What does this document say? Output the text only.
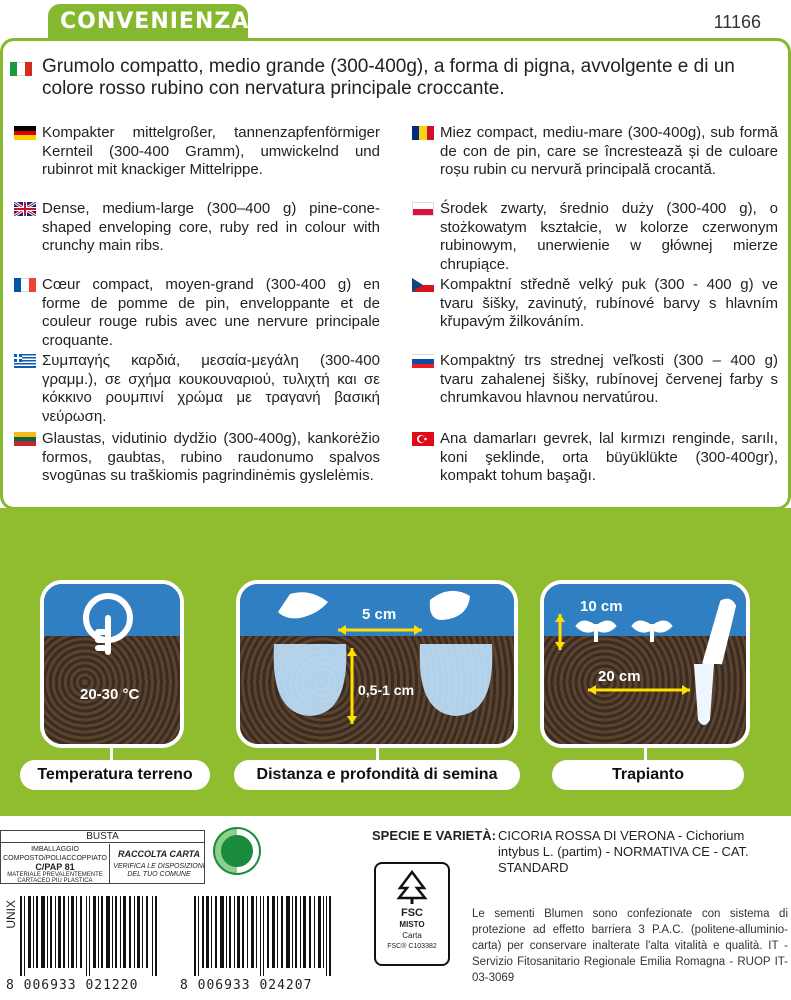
CONVENIENZA	11166
Grumolo compatto, medio grande (300-400g), a forma di pigna, avvolgente e di un colore rosso rubino con nervatura principale croccante.
Kompakter mittelgroßer, tannenzapfenförmiger Kernteil (300-400 Gramm), umwickelnd und rubinrot mit knackiger Mittelrippe.
Dense, medium-large (300–400 g) pine-cone-shaped enveloping core, ruby red in colour with crunchy main ribs.
Cœur compact, moyen-grand (300-400 g) en forme de pomme de pin, enveloppante et de couleur rouge rubis avec une nervure principale croquante.
Συμπαγής καρδιά, μεσαία-μεγάλη (300-400 γραμμ.), σε σχήμα κουκουναριού, τυλιχτή και σε κόκκινο ρουμπινί χρώμα με τραγανή βασική νεύρωση.
Glaustas, vidutinio dydžio (300-400g), kankorėžio formos, gaubtas, rubino raudonumo spalvos svogūnas su traškiomis pagrindinėmis gyslelėmis.
Miez compact, mediu-mare (300-400g), sub formă de con de pin, care se încrestează și de culoare roșu rubin cu nervură principală crocantă.
Środek zwarty, średnio duży (300-400 g), o stożkowatym kształcie, w kolorze czerwonym rubinowym, unerwienie w głównej mierze chrupiące.
Kompaktní středně velký puk (300 - 400 g) ve tvaru šišky, zavinutý, rubínové barvy s hlavním křupavým žilkováním.
Kompaktný trs strednej veľkosti (300 – 400 g) tvaru zahalenej šišky, rubínovej červenej farby s chrumkavou hlavnou nervatúrou.
Ana damarları gevrek, lal kırmızı renginde, sarılı, koni şeklinde, orta büyüklükte (300-400gr), kompakt tohum başağı.
20-30 °C
5 cm
0,5-1 cm
10 cm
20 cm
Temperatura terreno	Distanza e profondità di semina	Trapianto
BUSTA
IMBALLAGGIO COMPOSTO/POLIACCOPPIATO
C/PAP 81
MATERIALE PREVALENTEMENTE CARTACEO PIÙ PLASTICA
RACCOLTA CARTA
VERIFICA LE DISPOSIZIONI DEL TUO COMUNE
UNIX
8 006933 021220	8 006933 024207
SPECIE E VARIETÀ: CICORIA ROSSA DI VERONA - Cichorium intybus L. (partim) - NORMATIVA CE - CAT. STANDARD
FSC
MISTO
Carta
FSC® C103382
Le sementi Blumen sono confezionate con sistema di protezione ad effetto barriera 3 P.A.C. (politene-alluminio-carta) per conservare inalterate l'alta vitalità e qualità. IT - Servizio Fitosanitario Regionale Emilia Romagna - RUOP IT-03-3069
